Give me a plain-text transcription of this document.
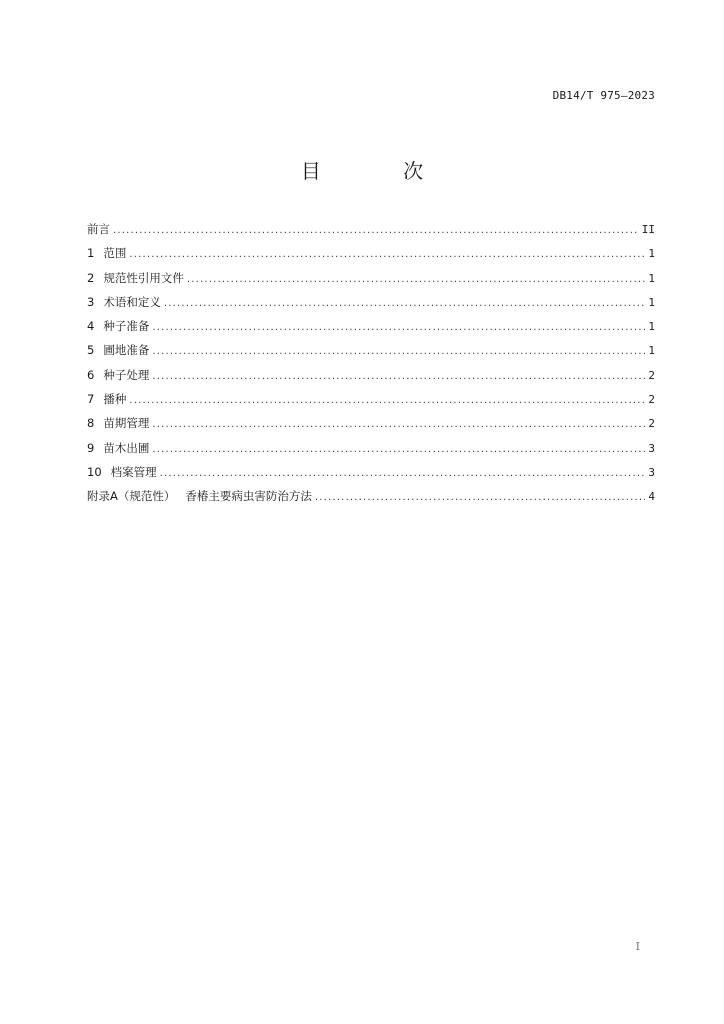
DB14/T 975—2023
目 次
前言 .....	II
1 范围 .....	1
2 规范性引用文件 .....	1
3 术语和定义 .....	1
4 种子准备 .....	1
5 圃地准备 .....	1
6 种子处理 .....	2
7 播种 .....	2
8 苗期管理 .....	2
9 苗木出圃 .....	3
10 档案管理 .....	3
附录A（规范性） 香椿主要病虫害防治方法 .....	4
I
